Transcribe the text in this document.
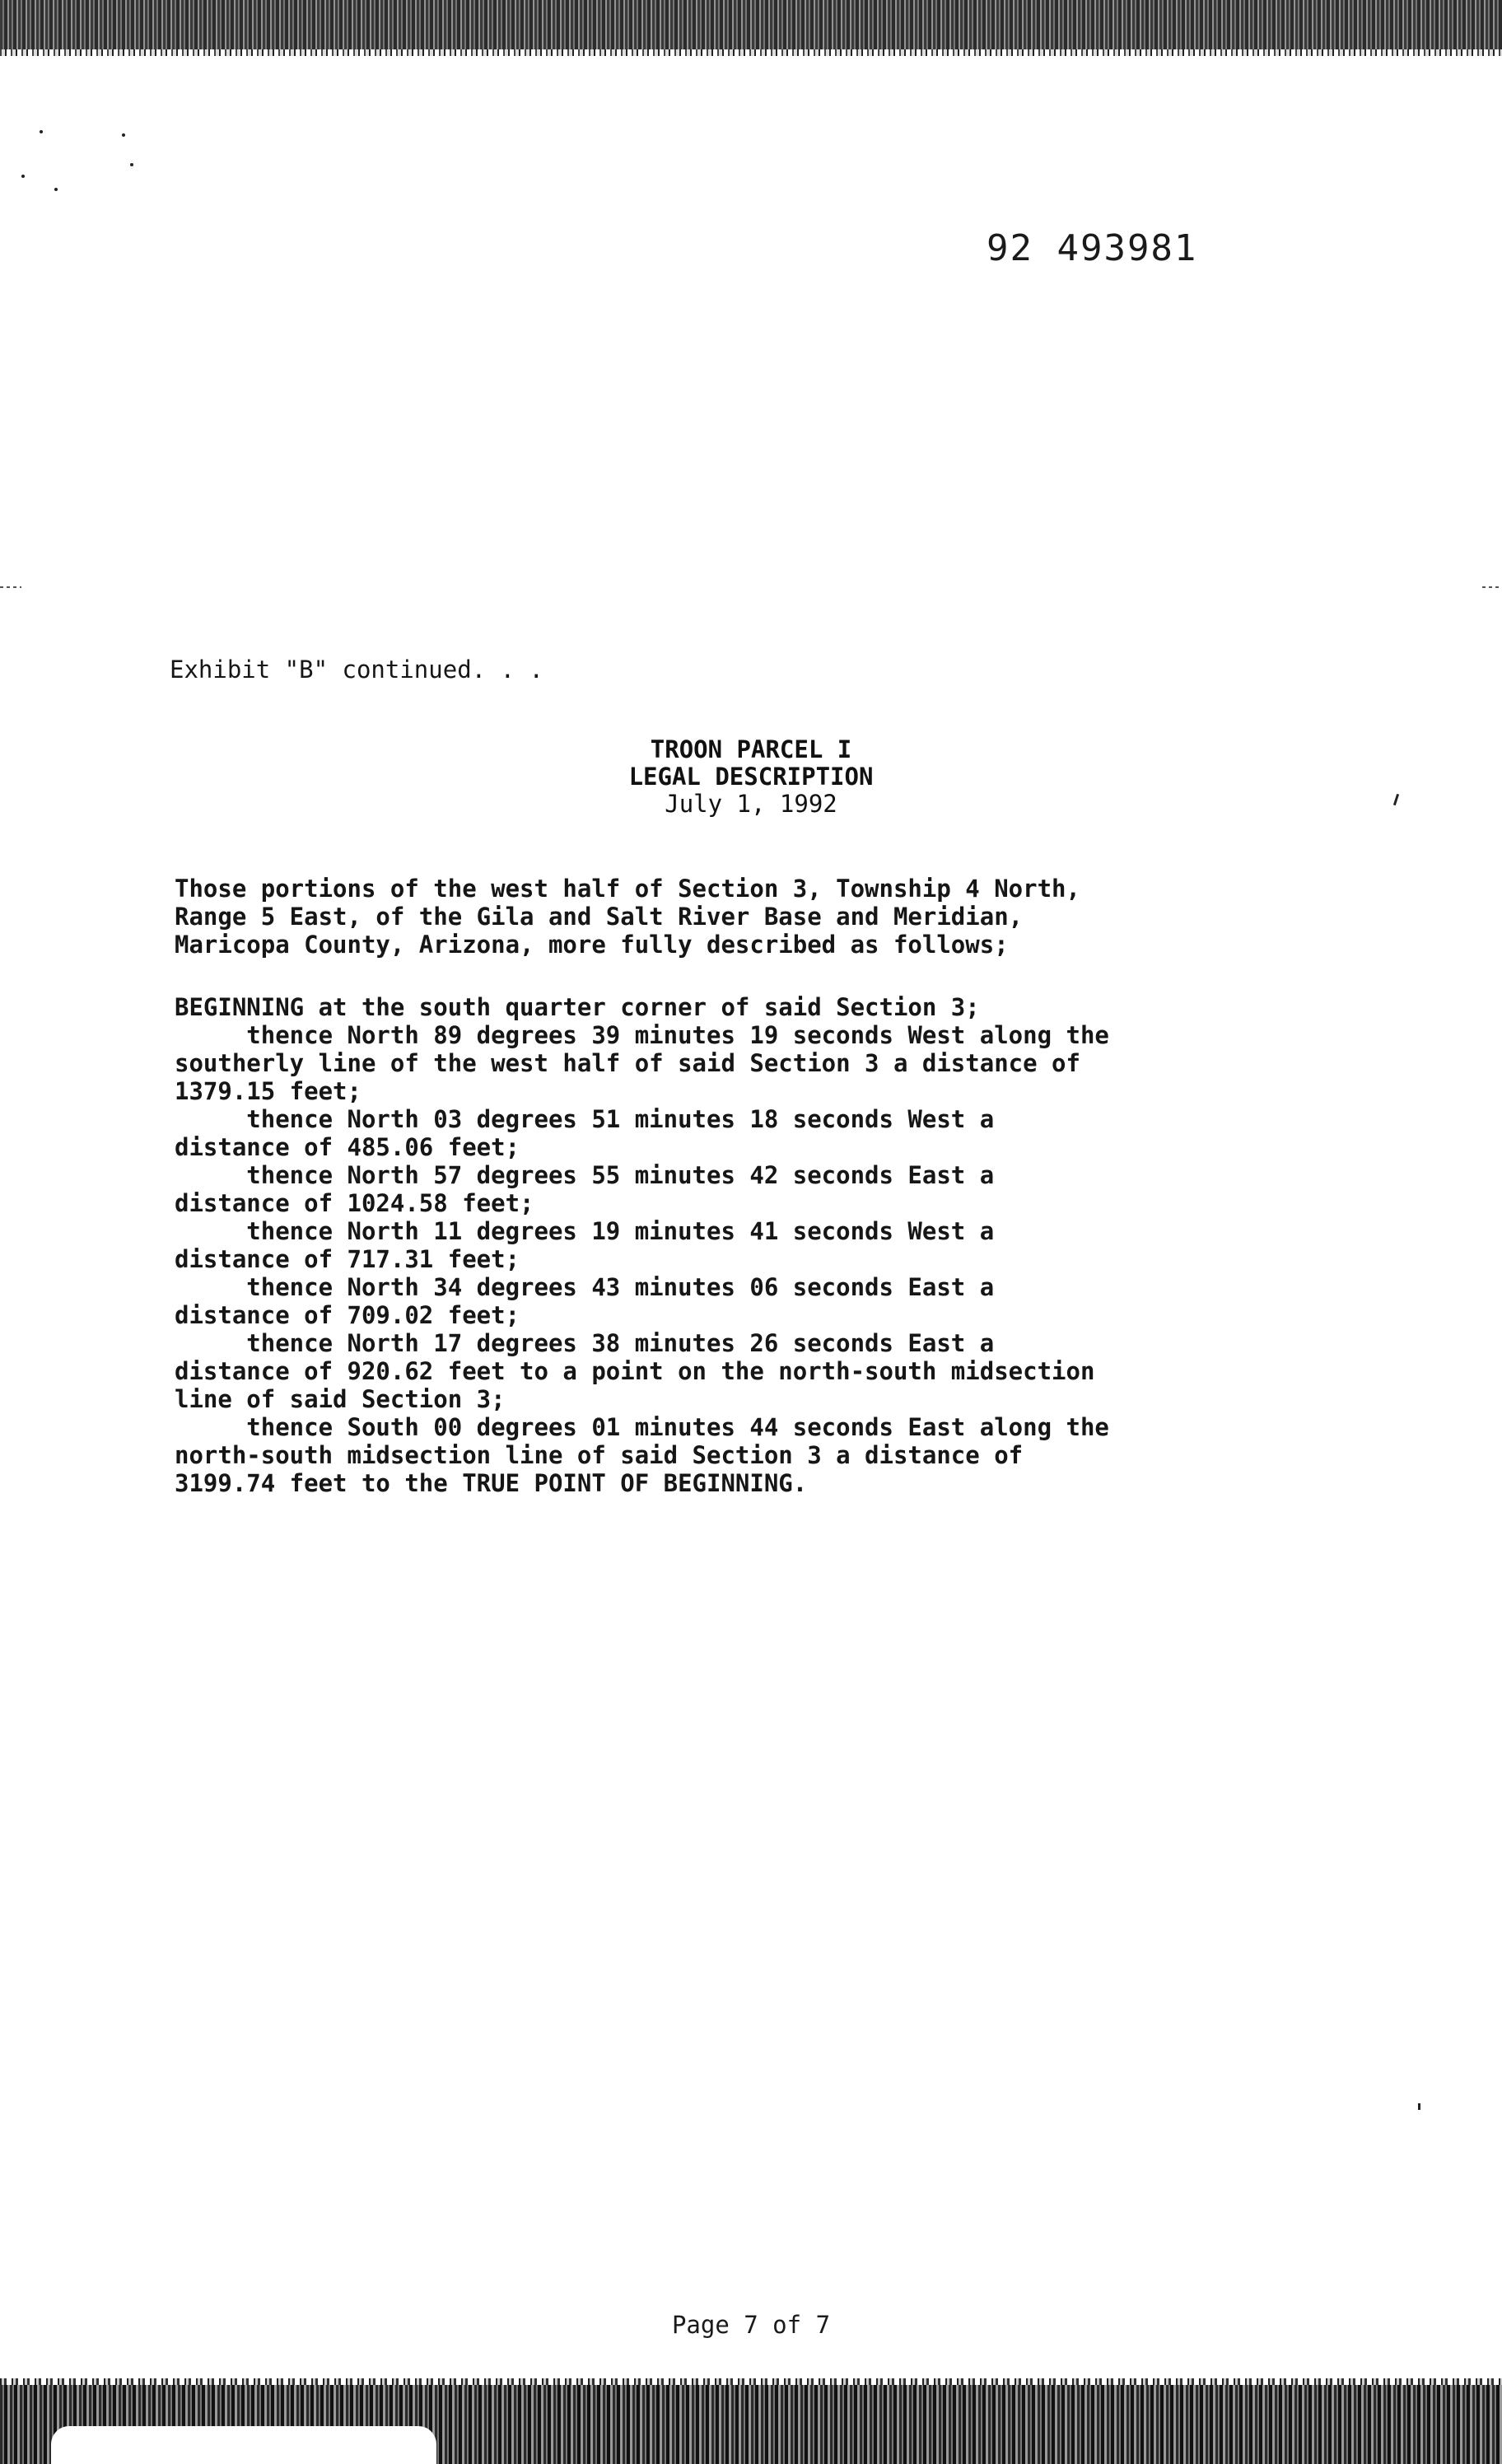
92 493981
Exhibit "B" continued. . .
TROON PARCEL I
LEGAL DESCRIPTION
July 1, 1992
Those portions of the west half of Section 3, Township 4 North,
Range 5 East, of the Gila and Salt River Base and Meridian,
Maricopa County, Arizona, more fully described as follows;
BEGINNING at the south quarter corner of said Section 3;
thence North 89 degrees 39 minutes 19 seconds West along the
southerly line of the west half of said Section 3 a distance of
1379.15 feet;
thence North 03 degrees 51 minutes 18 seconds West a
distance of 485.06 feet;
thence North 57 degrees 55 minutes 42 seconds East a
distance of 1024.58 feet;
thence North 11 degrees 19 minutes 41 seconds West a
distance of 717.31 feet;
thence North 34 degrees 43 minutes 06 seconds East a
distance of 709.02 feet;
thence North 17 degrees 38 minutes 26 seconds East a
distance of 920.62 feet to a point on the north-south midsection
line of said Section 3;
thence South 00 degrees 01 minutes 44 seconds East along the
north-south midsection line of said Section 3 a distance of
3199.74 feet to the TRUE POINT OF BEGINNING.
Page 7 of 7
